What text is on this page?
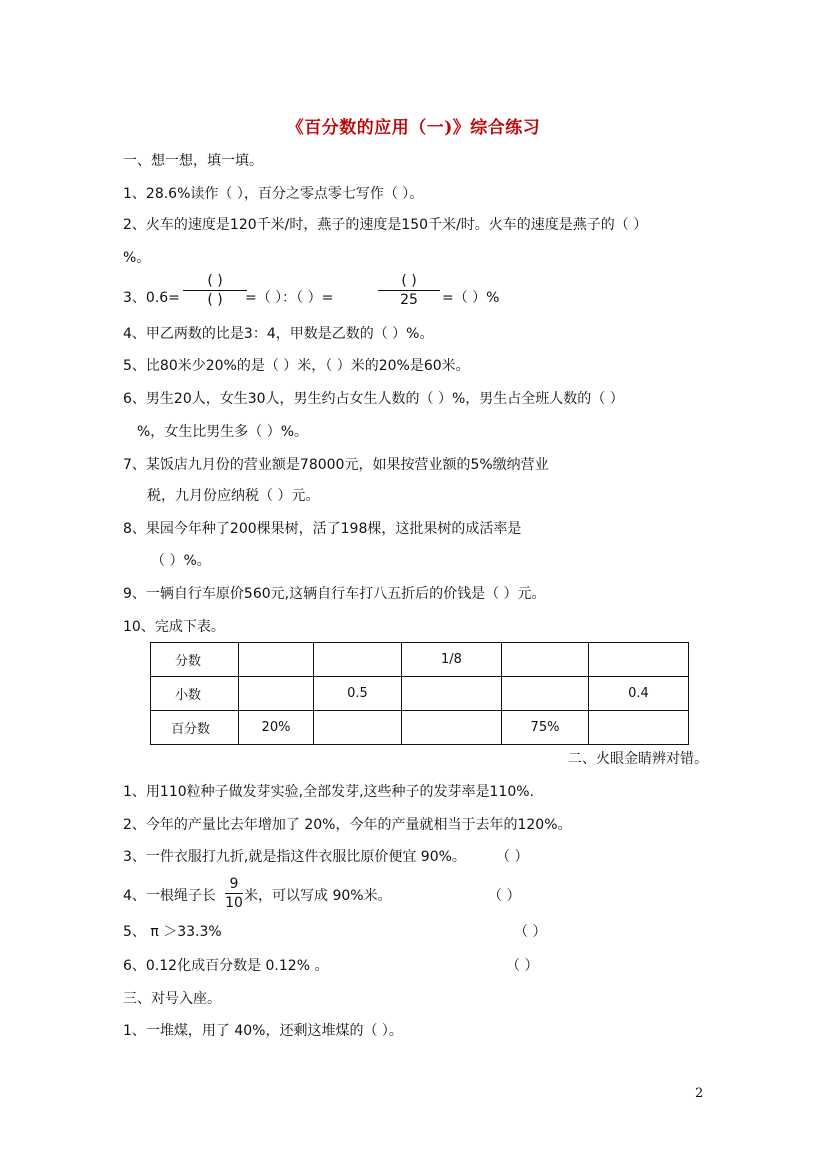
《百分数的应用（一)》综合练习
一、想一想，填一填。
1、28.6%读作（ ），百分之零点零七写作（ ）。
2、火车的速度是120千米/时，燕子的速度是150千米/时。火车的速度是燕子的（ ）
%。
3、0.6=
( )
( )	=（ ）：（ ）=
( )
25	=（ ）%
4、甲乙两数的比是3：4，甲数是乙数的（ ）%。
5、比80米少20%的是（ ）米，（ ）米的20%是60米。
6、男生20人，女生30人，男生约占女生人数的（ ）%，男生占全班人数的（ ）
%，女生比男生多（ ）%。
7、某饭店九月份的营业额是78000元，如果按营业额的5%缴纳营业
税，九月份应纳税（ ）元。
8、果园今年种了200棵果树，活了198棵，这批果树的成活率是
（ ）%。
9、一辆自行车原价560元,这辆自行车打八五折后的价钱是（ ）元。
10、完成下表。
分数			1/8		
小数		0.5			0.4
百分数	20%			75%	
二、火眼金睛辨对错。
1、用110粒种子做发芽实验,全部发芽,这些种子的发芽率是110%.
2、今年的产量比去年增加了 20%，今年的产量就相当于去年的120%。
3、一件衣服打九折,就是指这件衣服比原价便宜 90%。 （ ）
4、一根绳子长
9
10 米，可以写成 90%米。	（ ）
5、 π ＞33.3%	（ ）
6、0.12化成百分数是 0.12% 。	（ ）
三、对号入座。
1、一堆煤，用了 40%，还剩这堆煤的（ ）。
2
